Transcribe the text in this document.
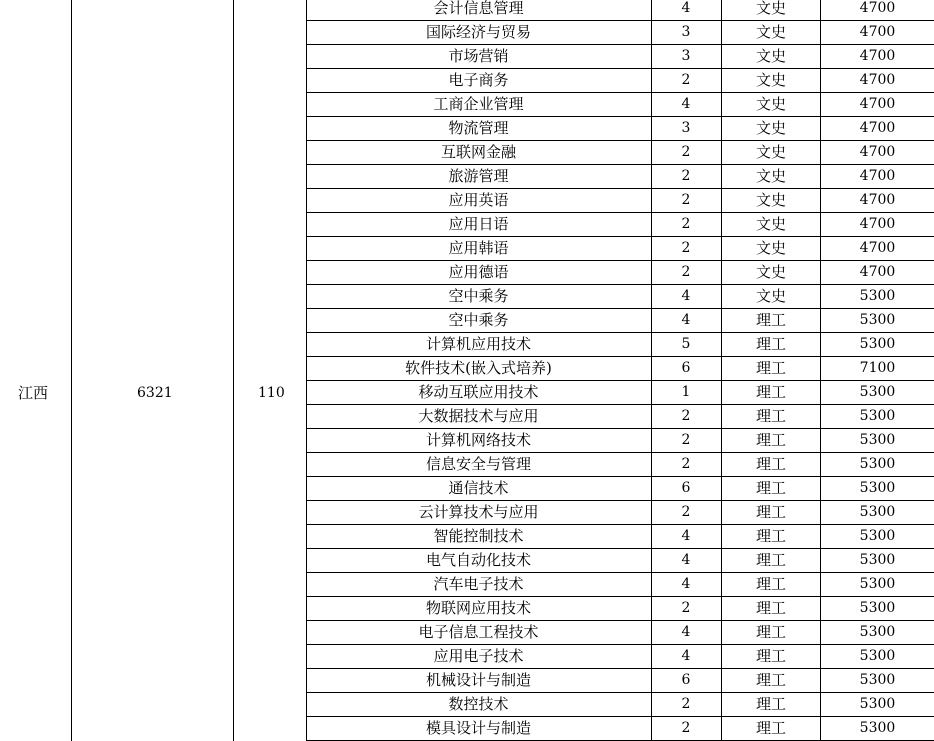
江西	6321	110
会计信息管理	4	文史	4700
国际经济与贸易	3	文史	4700
市场营销	3	文史	4700
电子商务	2	文史	4700
工商企业管理	4	文史	4700
物流管理	3	文史	4700
互联网金融	2	文史	4700
旅游管理	2	文史	4700
应用英语	2	文史	4700
应用日语	2	文史	4700
应用韩语	2	文史	4700
应用德语	2	文史	4700
空中乘务	4	文史	5300
空中乘务	4	理工	5300
计算机应用技术	5	理工	5300
软件技术(嵌入式培养)	6	理工	7100
移动互联应用技术	1	理工	5300
大数据技术与应用	2	理工	5300
计算机网络技术	2	理工	5300
信息安全与管理	2	理工	5300
通信技术	6	理工	5300
云计算技术与应用	2	理工	5300
智能控制技术	4	理工	5300
电气自动化技术	4	理工	5300
汽车电子技术	4	理工	5300
物联网应用技术	2	理工	5300
电子信息工程技术	4	理工	5300
应用电子技术	4	理工	5300
机械设计与制造	6	理工	5300
数控技术	2	理工	5300
模具设计与制造	2	理工	5300
